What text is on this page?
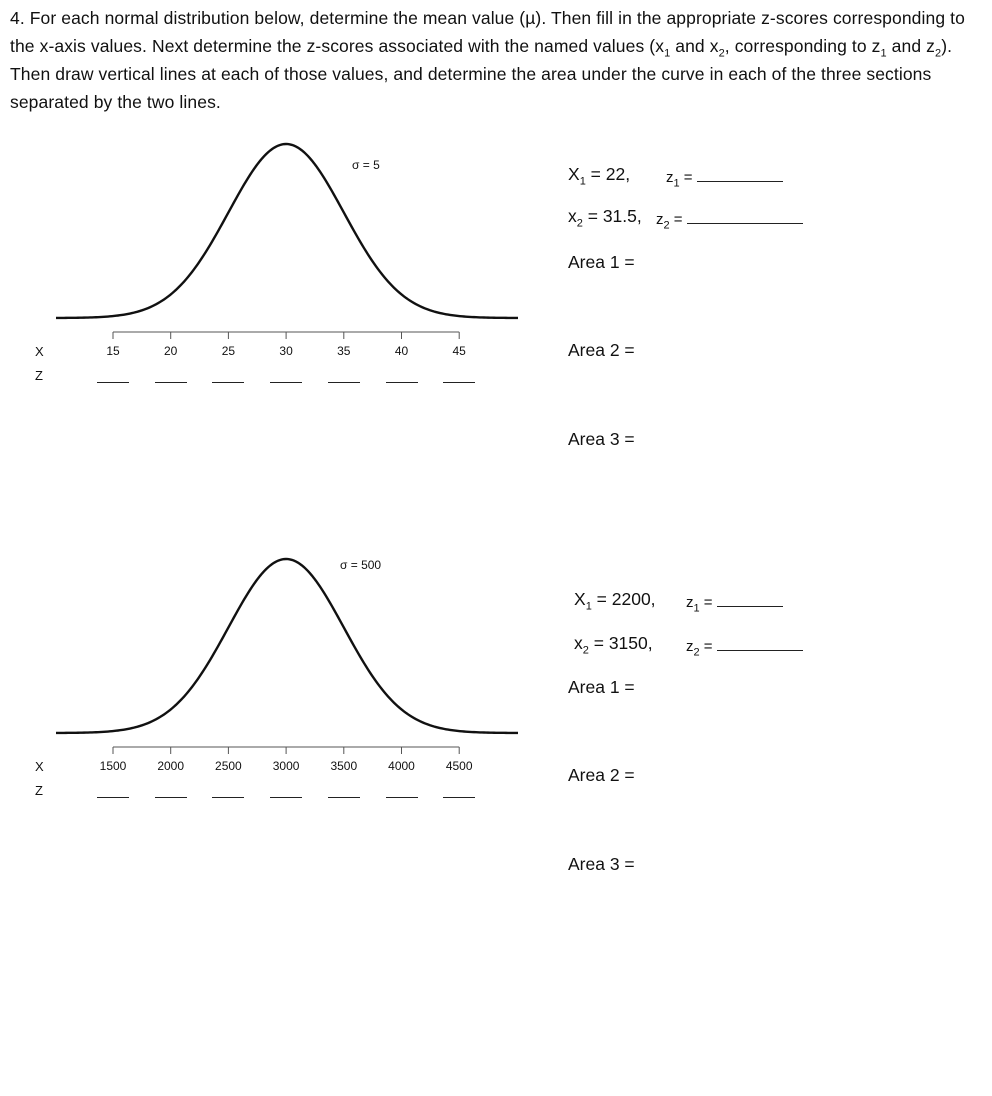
4. For each normal distribution below, determine the mean value (µ). Then fill in the appropriate z-scores corresponding to the x-axis values. Next determine the z-scores associated with the named values ($x_1$ and $x_2$, corresponding to $z_1$ and $z_2$). Then draw vertical lines at each of those values, and determine the area under the curve in each of the three sections separated by the two lines.

σ = 5
X
Z
15	20	25	30	35	40	45
$X_1 = 22$, $z_1$ =
$x_2 = 31.5$, $z_2$ =
Area 1 =
Area 2 =
Area 3 =
σ = 500
X
Z
1500	2000	2500	3000	3500	4000	4500
$X_1 = 2200$, $z_1$ =
$x_2 = 3150$, $z_2$ =
Area 1 =
Area 2 =
Area 3 =
